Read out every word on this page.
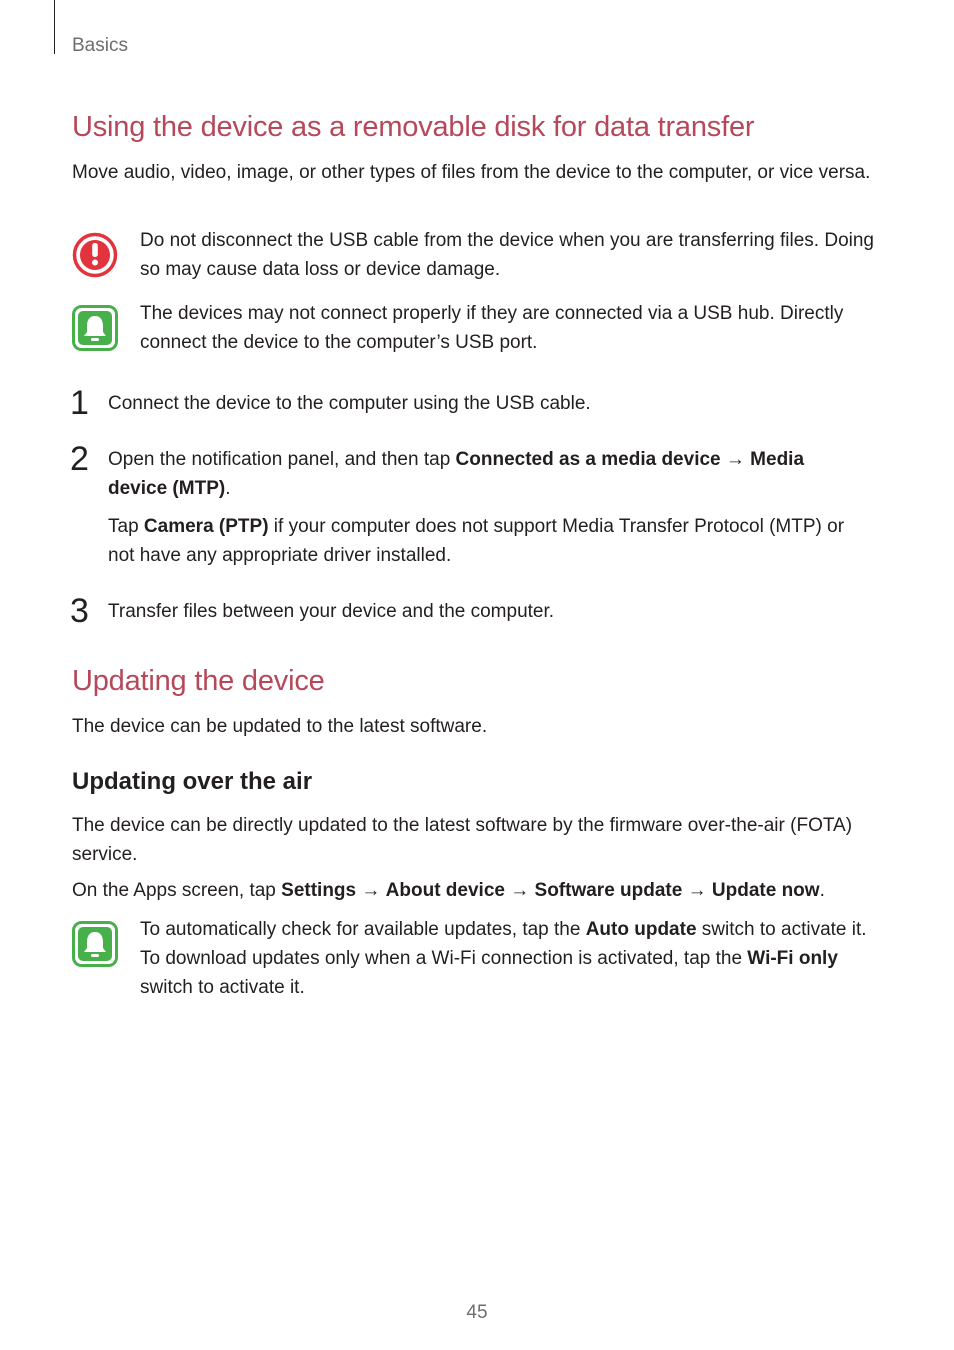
Basics
Using the device as a removable disk for data transfer

Move audio, video, image, or other types of files from the device to the computer, or vice versa.

Do not disconnect the USB cable from the device when you are transferring files. Doing so may cause data loss or device damage.

The devices may not connect properly if they are connected via a USB hub. Directly connect the device to the computer’s USB port.

1 Connect the device to the computer using the USB cable.

2 Open the notification panel, and then tap Connected as a media device → Media device (MTP).

Tap Camera (PTP) if your computer does not support Media Transfer Protocol (MTP) or not have any appropriate driver installed.

3 Transfer files between your device and the computer.

Updating the device

The device can be updated to the latest software.

Updating over the air

The device can be directly updated to the latest software by the firmware over-the-air (FOTA) service.

On the Apps screen, tap Settings → About device → Software update → Update now.

To automatically check for available updates, tap the Auto update switch to activate it. To download updates only when a Wi-Fi connection is activated, tap the Wi-Fi only switch to activate it.

45
